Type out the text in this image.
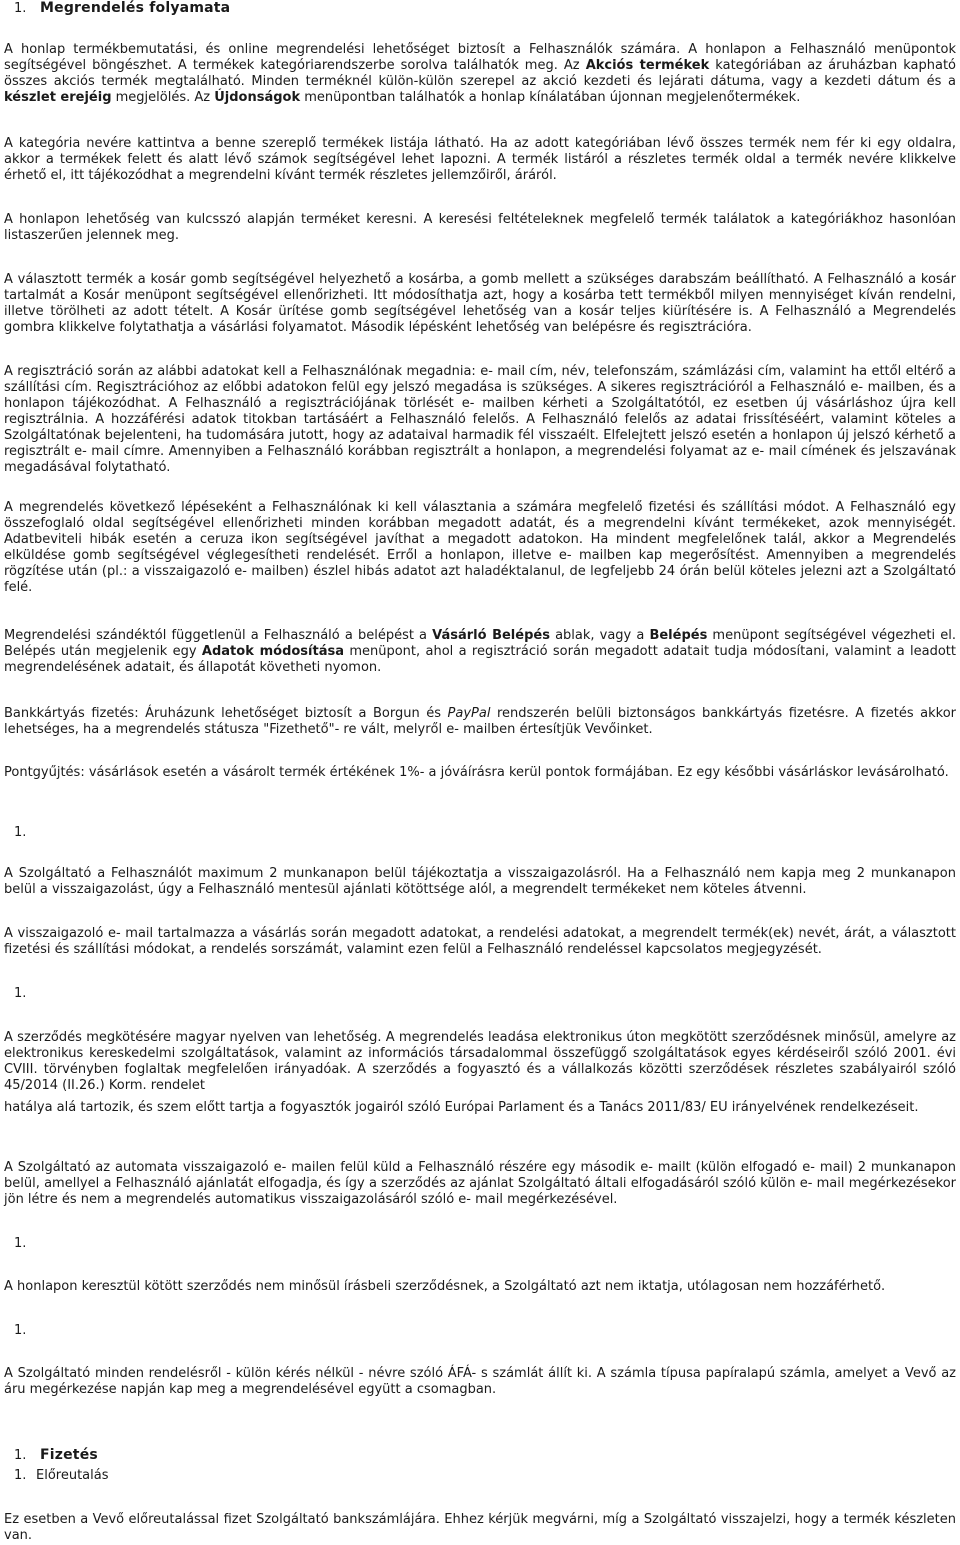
1. Megrendelés folyamata

A honlap termékbemutatási, és online megrendelési lehetőséget biztosít a Felhasználók számára. A honlapon a Felhasználó menüpontok segítségével böngészhet. A termékek kategóriarendszerbe sorolva találhatók meg. Az Akciós termékek kategóriában az áruházban kapható összes akciós termék megtalálható. Minden terméknél külön-külön szerepel az akció kezdeti és lejárati dátuma, vagy a kezdeti dátum és a készlet erejéig megjelölés. Az Újdonságok menüpontban találhatók a honlap kínálatában újonnan megjelenőtermékek.

A kategória nevére kattintva a benne szereplő termékek listája látható. Ha az adott kategóriában lévő összes termék nem fér ki egy oldalra, akkor a termékek felett és alatt lévő számok segítségével lehet lapozni. A termék listáról a részletes termék oldal a termék nevére klikkelve érhető el, itt tájékozódhat a megrendelni kívánt termék részletes jellemzőiről, áráról.

A honlapon lehetőség van kulcsszó alapján terméket keresni. A keresési feltételeknek megfelelő termék találatok a kategóriákhoz hasonlóan listaszerűen jelennek meg.

A választott termék a kosár gomb segítségével helyezhető a kosárba, a gomb mellett a szükséges darabszám beállítható. A Felhasználó a kosár tartalmát a Kosár menüpont segítségével ellenőrizheti. Itt módosíthatja azt, hogy a kosárba tett termékből milyen mennyiséget kíván rendelni, illetve törölheti az adott tételt. A Kosár ürítése gomb segítségével lehetőség van a kosár teljes kiürítésére is. A Felhasználó a Megrendelés gombra klikkelve folytathatja a vásárlási folyamatot. Második lépésként lehetőség van belépésre és regisztrációra.

A regisztráció során az alábbi adatokat kell a Felhasználónak megadnia: e- mail cím, név, telefonszám, számlázási cím, valamint ha ettől eltérő a szállítási cím. Regisztrációhoz az előbbi adatokon felül egy jelszó megadása is szükséges. A sikeres regisztrációról a Felhasználó e- mailben, és a honlapon tájékozódhat. A Felhasználó a regisztrációjának törlését e- mailben kérheti a Szolgáltatótól, ez esetben új vásárláshoz újra kell regisztrálnia. A hozzáférési adatok titokban tartásáért a Felhasználó felelős. A Felhasználó felelős az adatai frissítéséért, valamint köteles a Szolgáltatónak bejelenteni, ha tudomására jutott, hogy az adataival harmadik fél visszaélt. Elfelejtett jelszó esetén a honlapon új jelszó kérhető a regisztrált e- mail címre. Amennyiben a Felhasználó korábban regisztrált a honlapon, a megrendelési folyamat az e- mail címének és jelszavának megadásával folytatható.

A megrendelés következő lépéseként a Felhasználónak ki kell választania a számára megfelelő fizetési és szállítási módot. A Felhasználó egy összefoglaló oldal segítségével ellenőrizheti minden korábban megadott adatát, és a megrendelni kívánt termékeket, azok mennyiségét. Adatbeviteli hibák esetén a ceruza ikon segítségével javíthat a megadott adatokon. Ha mindent megfelelőnek talál, akkor a Megrendelés elküldése gomb segítségével véglegesítheti rendelését. Erről a honlapon, illetve e- mailben kap megerősítést. Amennyiben a megrendelés rögzítése után (pl.: a visszaigazoló e- mailben) észlel hibás adatot azt haladéktalanul, de legfeljebb 24 órán belül köteles jelezni azt a Szolgáltató felé.

Megrendelési szándéktól függetlenül a Felhasználó a belépést a Vásárló Belépés ablak, vagy a Belépés menüpont segítségével végezheti el. Belépés után megjelenik egy Adatok módosítása menüpont, ahol a regisztráció során megadott adatait tudja módosítani, valamint a leadott megrendelésének adatait, és állapotát követheti nyomon.

Bankkártyás fizetés: Áruházunk lehetőséget biztosít a Borgun és PayPal rendszerén belüli biztonságos bankkártyás fizetésre. A fizetés akkor lehetséges, ha a megrendelés státusza "Fizethető"- re vált, melyről e- mailben értesítjük Vevőinket.

Pontgyűjtés: vásárlások esetén a vásárolt termék értékének 1%- a jóváírásra kerül pontok formájában. Ez egy későbbi vásárláskor levásárolható.

1.

A Szolgáltató a Felhasználót maximum 2 munkanapon belül tájékoztatja a visszaigazolásról. Ha a Felhasználó nem kapja meg 2 munkanapon belül a visszaigazolást, úgy a Felhasználó mentesül ajánlati kötöttsége alól, a megrendelt termékeket nem köteles átvenni.

A visszaigazoló e- mail tartalmazza a vásárlás során megadott adatokat, a rendelési adatokat, a megrendelt termék(ek) nevét, árát, a választott fizetési és szállítási módokat, a rendelés sorszámát, valamint ezen felül a Felhasználó rendeléssel kapcsolatos megjegyzését.

1.

A szerződés megkötésére magyar nyelven van lehetőség. A megrendelés leadása elektronikus úton megkötött szerződésnek minősül, amelyre az elektronikus kereskedelmi szolgáltatások, valamint az információs társadalommal összefüggő szolgáltatások egyes kérdéseiről szóló 2001. évi CVIII. törvényben foglaltak megfelelően irányadóak. A szerződés a fogyasztó és a vállalkozás közötti szerződések részletes szabályairól szóló 45/2014 (II.26.) Korm. rendelet

hatálya alá tartozik, és szem előtt tartja a fogyasztók jogairól szóló Európai Parlament és a Tanács 2011/83/ EU irányelvének rendelkezéseit.

A Szolgáltató az automata visszaigazoló e- mailen felül küld a Felhasználó részére egy második e- mailt (külön elfogadó e- mail) 2 munkanapon belül, amellyel a Felhasználó ajánlatát elfogadja, és így a szerződés az ajánlat Szolgáltató általi elfogadásáról szóló külön e- mail megérkezésekor jön létre és nem a megrendelés automatikus visszaigazolásáról szóló e- mail megérkezésével.

1.

A honlapon keresztül kötött szerződés nem minősül írásbeli szerződésnek, a Szolgáltató azt nem iktatja, utólagosan nem hozzáférhető.

1.

A Szolgáltató minden rendelésről - külön kérés nélkül - névre szóló ÁFÁ- s számlát állít ki. A számla típusa papíralapú számla, amelyet a Vevő az áru megérkezése napján kap meg a megrendelésével együtt a csomagban.

1. Fizetés
1. Előreutalás

Ez esetben a Vevő előreutalással fizet Szolgáltató bankszámlájára. Ehhez kérjük megvárni, míg a Szolgáltató visszajelzi, hogy a termék készleten van.
